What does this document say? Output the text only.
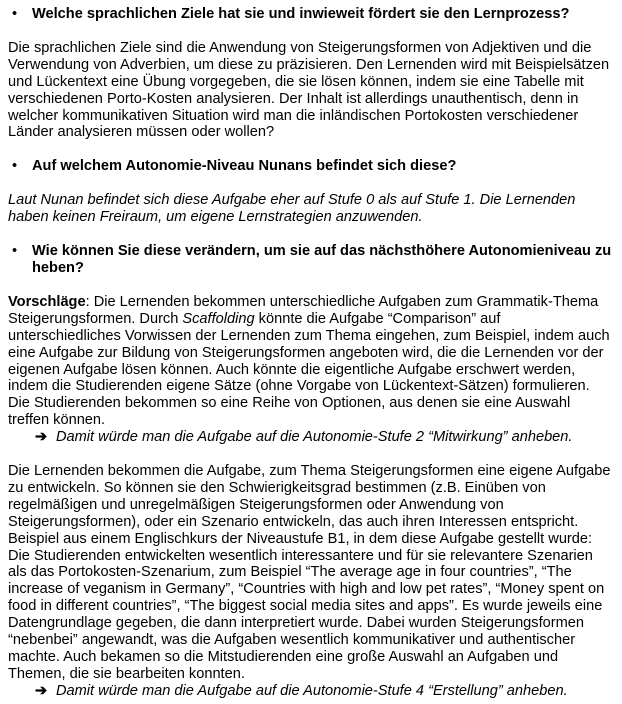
• Welche sprachlichen Ziele hat sie und inwieweit fördert sie den Lernprozess?

Die sprachlichen Ziele sind die Anwendung von Steigerungsformen von Adjektiven und die Verwendung von Adverbien, um diese zu präzisieren. Den Lernenden wird mit Beispielsätzen und Lückentext eine Übung vorgegeben, die sie lösen können, indem sie eine Tabelle mit verschiedenen Porto-Kosten analysieren. Der Inhalt ist allerdings unauthentisch, denn in welcher kommunikativen Situation wird man die inländischen Portokosten verschiedener Länder analysieren müssen oder wollen?

• Auf welchem Autonomie-Niveau Nunans befindet sich diese?

Laut Nunan befindet sich diese Aufgabe eher auf Stufe 0 als auf Stufe 1. Die Lernenden haben keinen Freiraum, um eigene Lernstrategien anzuwenden.

• Wie können Sie diese verändern, um sie auf das nächsthöhere Autonomieniveau zu heben?

Vorschläge: Die Lernenden bekommen unterschiedliche Aufgaben zum Grammatik-Thema Steigerungsformen. Durch Scaffolding könnte die Aufgabe “Comparison” auf unterschiedliches Vorwissen der Lernenden zum Thema eingehen, zum Beispiel, indem auch eine Aufgabe zur Bildung von Steigerungsformen angeboten wird, die die Lernenden vor der eigenen Aufgabe lösen können. Auch könnte die eigentliche Aufgabe erschwert werden, indem die Studierenden eigene Sätze (ohne Vorgabe von Lückentext-Sätzen) formulieren. Die Studierenden bekommen so eine Reihe von Optionen, aus denen sie eine Auswahl treffen können.

➔ Damit würde man die Aufgabe auf die Autonomie-Stufe 2 “Mitwirkung” anheben.

Die Lernenden bekommen die Aufgabe, zum Thema Steigerungsformen eine eigene Aufgabe zu entwickeln. So können sie den Schwierigkeitsgrad bestimmen (z.B. Einüben von regelmäßigen und unregelmäßigen Steigerungsformen oder Anwendung von Steigerungsformen), oder ein Szenario entwickeln, das auch ihren Interessen entspricht. Beispiel aus einem Englischkurs der Niveaustufe B1, in dem diese Aufgabe gestellt wurde: Die Studierenden entwickelten wesentlich interessantere und für sie relevantere Szenarien als das Portokosten-Szenarium, zum Beispiel “The average age in four countries”, “The increase of veganism in Germany”, “Countries with high and low pet rates”, “Money spent on food in different countries”, “The biggest social media sites and apps”. Es wurde jeweils eine Datengrundlage gegeben, die dann interpretiert wurde. Dabei wurden Steigerungsformen “nebenbei” angewandt, was die Aufgaben wesentlich kommunikativer und authentischer machte. Auch bekamen so die Mitstudierenden eine große Auswahl an Aufgaben und Themen, die sie bearbeiten konnten.

➔ Damit würde man die Aufgabe auf die Autonomie-Stufe 4 “Erstellung” anheben.
